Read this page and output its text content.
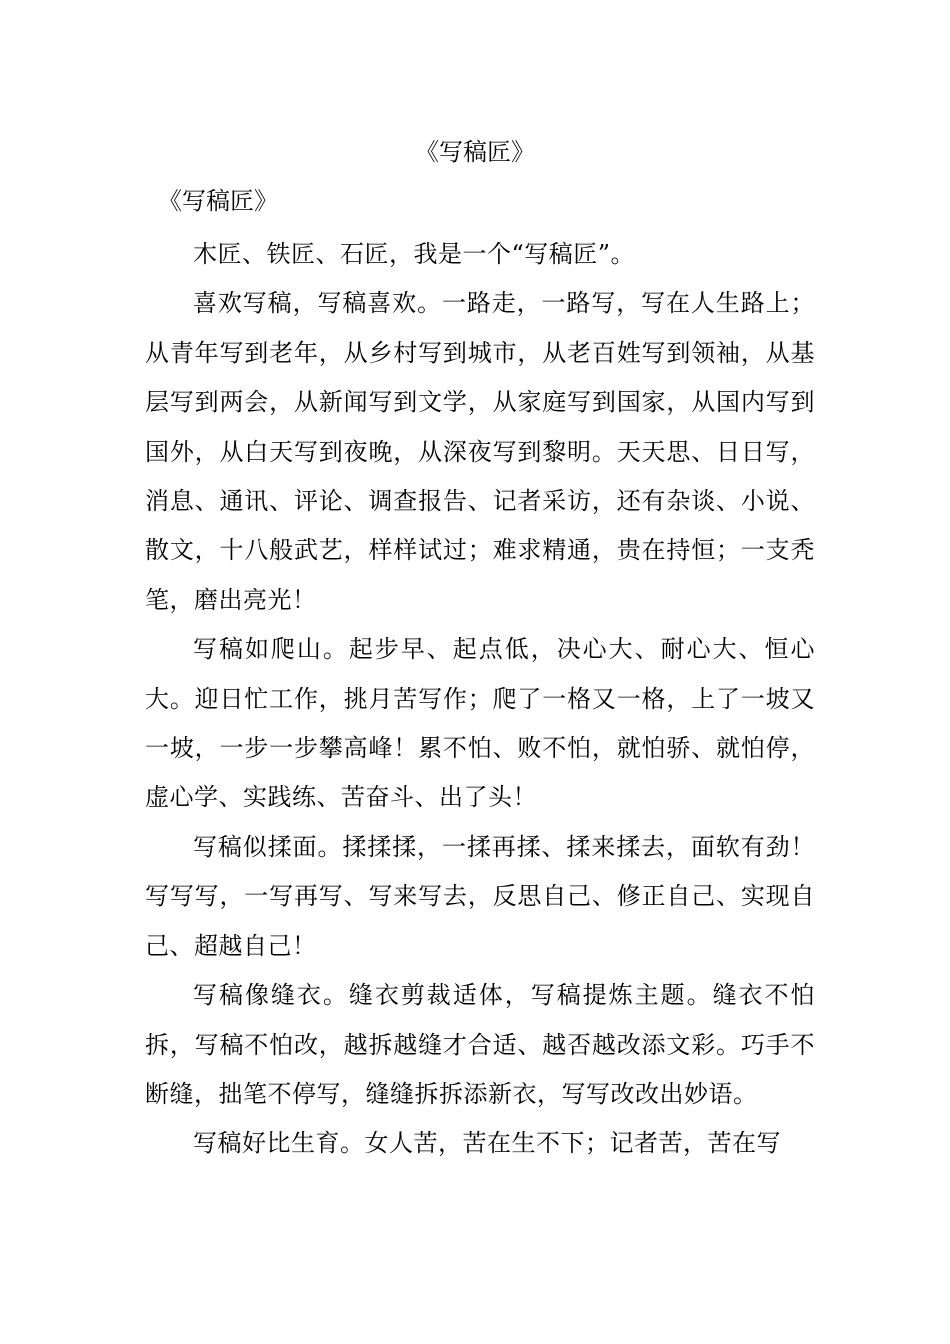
《写稿匠》

《写稿匠》

木匠、铁匠、石匠，我是一个“写稿匠”。

喜欢写稿，写稿喜欢。一路走，一路写，写在人生路上；从青年写到老年，从乡村写到城市，从老百姓写到领袖，从基层写到两会，从新闻写到文学，从家庭写到国家，从国内写到国外，从白天写到夜晚，从深夜写到黎明。天天思、日日写，消息、通讯、评论、调查报告、记者采访，还有杂谈、小说、散文，十八般武艺，样样试过；难求精通，贵在持恒；一支秃笔，磨出亮光！

写稿如爬山。起步早、起点低，决心大、耐心大、恒心大。迎日忙工作，挑月苦写作；爬了一格又一格，上了一坡又一坡，一步一步攀高峰！累不怕、败不怕，就怕骄、就怕停，虚心学、实践练、苦奋斗、出了头！

写稿似揉面。揉揉揉，一揉再揉、揉来揉去，面软有劲！写写写，一写再写、写来写去，反思自己、修正自己、实现自己、超越自己！

写稿像缝衣。缝衣剪裁适体，写稿提炼主题。缝衣不怕拆，写稿不怕改，越拆越缝才合适、越否越改添文彩。巧手不断缝，拙笔不停写，缝缝拆拆添新衣，写写改改出妙语。

写稿好比生育。女人苦，苦在生不下；记者苦，苦在写
